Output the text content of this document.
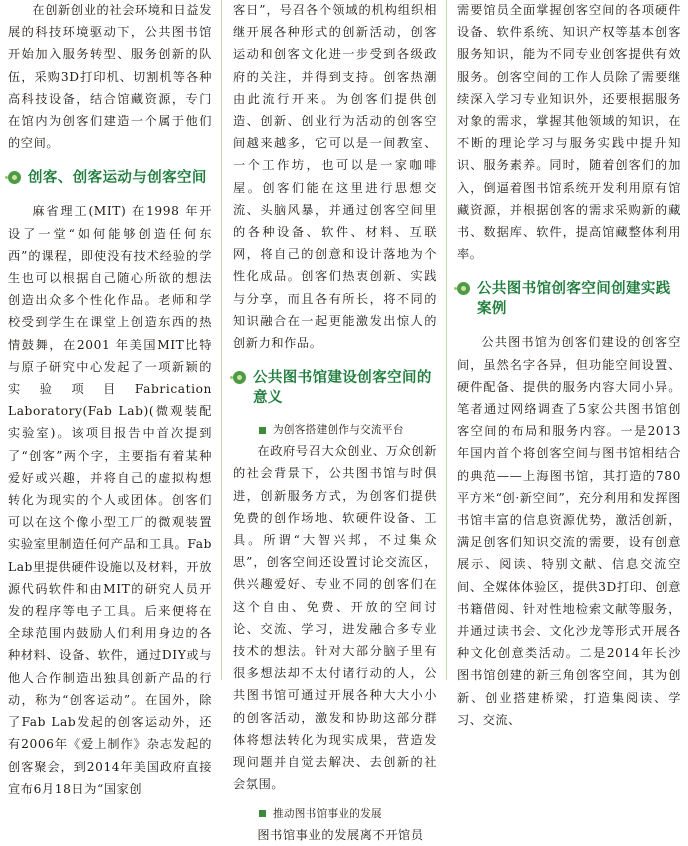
在创新创业的社会环境和日益发展的科技环境驱动下，公共图书馆开始加入服务转型、服务创新的队伍，采购3D打印机、切割机等各种高科技设备，结合馆藏资源，专门在馆内为创客们建造一个属于他们的空间。

创客、创客运动与创客空间

麻省理工(MIT) 在1998 年开设了一堂“如何能够创造任何东西”的课程，即使没有技术经验的学生也可以根据自己随心所欲的想法创造出众多个性化作品。老师和学校受到学生在课堂上创造东西的热情鼓舞，在2001 年美国MIT比特与原子研究中心发起了一项新颖的实验项目Fabrication Laboratory(Fab Lab)(微观装配实验室)。该项目报告中首次提到了“创客”两个字，主要指有着某种爱好或兴趣，并将自己的虚拟构想转化为现实的个人或团体。创客们可以在这个像小型工厂的微观装置实验室里制造任何产品和工具。Fab Lab里提供硬件设施以及材料，开放源代码软件和由MIT的研究人员开发的程序等电子工具。后来便将在全球范围内鼓励人们利用身边的各种材料、设备、软件，通过DIY或与他人合作制造出独具创新产品的行动，称为“创客运动”。在国外，除了Fab Lab发起的创客运动外，还有2006年《爱上制作》杂志发起的创客聚会，到2014年美国政府直接宣布6月18日为“国家创

客日”，号召各个领域的机构组织相继开展各种形式的创新活动，创客运动和创客文化进一步受到各级政府的关注，并得到支持。创客热潮由此流行开来。为创客们提供创造、创新、创业行为活动的创客空间越来越多，它可以是一间教室、一个工作坊，也可以是一家咖啡屋。创客们能在这里进行思想交流、头脑风暴，并通过创客空间里的各种设备、软件、材料、互联网，将自己的创意和设计落地为个性化成品。创客们热衷创新、实践与分享，而且各有所长，将不同的知识融合在一起更能激发出惊人的创新力和作品。

公共图书馆建设创客空间的意义
为创客搭建创作与交流平台

在政府号召大众创业、万众创新的社会背景下，公共图书馆与时俱进，创新服务方式，为创客们提供免费的创作场地、软硬件设备、工具。所谓“大智兴邦，不过集众思”，创客空间还设置讨论交流区，供兴趣爱好、专业不同的创客们在这个自由、免费、开放的空间讨论、交流、学习，进发融合多专业技术的想法。针对大部分脑子里有很多想法却不太付诸行动的人，公共图书馆可通过开展各种大大小小的创客活动，激发和协助这部分群体将想法转化为现实成果，营造发现问题并自觉去解决、去创新的社会氛围。

推动图书馆事业的发展

图书馆事业的发展离不开馆员

需要馆员全面掌握创客空间的各项硬件设备、软件系统、知识产权等基本创客服务知识，能为不同专业创客提供有效服务。创客空间的工作人员除了需要继续深入学习专业知识外，还要根据服务对象的需求，掌握其他领域的知识，在不断的理论学习与服务实践中提升知识、服务素养。同时，随着创客们的加入，倒逼着图书馆系统开发利用原有馆藏资源，并根据创客的需求采购新的藏书、数据库、软件，提高馆藏整体利用率。

公共图书馆创客空间创建实践案例

公共图书馆为创客们建设的创客空间，虽然名字各异，但功能空间设置、硬件配备、提供的服务内容大同小异。笔者通过网络调查了5家公共图书馆创客空间的布局和服务内容。一是2013年国内首个将创客空间与图书馆相结合的典范——上海图书馆，其打造的780平方米“创·新空间”，充分利用和发挥图书馆丰富的信息资源优势，激活创新，满足创客们知识交流的需要，设有创意展示、阅读、特别文献、信息交流空间、全媒体体验区，提供3D打印、创意书籍借阅、针对性地检索文献等服务，并通过读书会、文化沙龙等形式开展各种文化创意类活动。二是2014年长沙图书馆创建的新三角创客空间，其为创新、创业搭建桥梁，打造集阅读、学习、交流、
